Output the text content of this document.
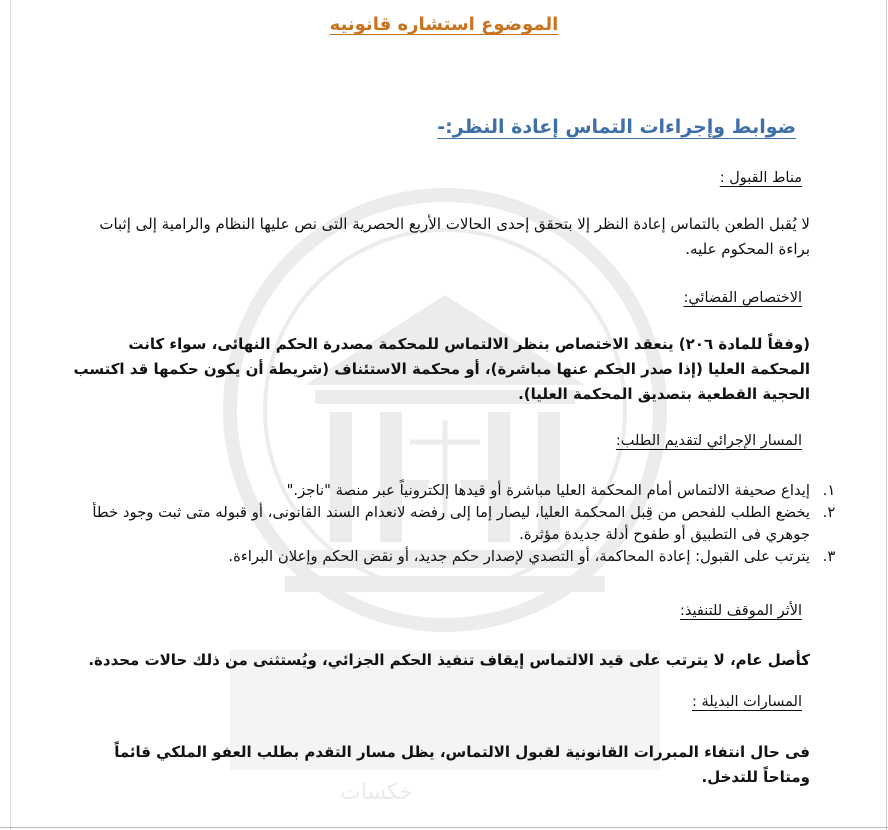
خكسات
الموضوع استشاره قانونيه
ضوابط وإجراءات التماس إعادة النظر:-
مناط القبول :
لا يُقبل الطعن بالتماس إعادة النظر إلا بتحقق إحدى الحالات الأربع الحصرية التى نص عليها النظام والرامية إلى إثبات براءة المحكوم عليه.
الاختصاص القضائي:
(وفقاً للمادة ٢٠٦) ينعقد الاختصاص بنظر الالتماس للمحكمة مصدرة الحكم النهائى، سواء كانت المحكمة العليا (إذا صدر الحكم عنها مباشرة)، أو محكمة الاستئناف (شريطة أن يكون حكمها قد اكتسب الحجية القطعية بتصديق المحكمة العليا).
المسار الإجرائي لتقديم الطلب:
١.
إيداع صحيفة الالتماس أمام المحكمة العليا مباشرة أو قيدها إلكترونياً عبر منصة "ناجز."
٢.
يخضع الطلب للفحص من قِبل المحكمة العليا، ليصار إما إلى رفضه لانعدام السند القانونى، أو قبوله متى ثبت وجود خطأ جوهري فى التطبيق أو طفوح أدلة جديدة مؤثرة.
٣.
يترتب على القبول: إعادة المحاكمة، أو التصدي لإصدار حكم جديد، أو نقض الحكم وإعلان البراءة.
الأثر الموقف للتنفيذ:
كأصل عام، لا يترتب على قيد الالتماس إيقاف تنفيذ الحكم الجزائي، ويُستثنى من ذلك حالات محددة.
المسارات البديلة :
فى حال انتفاء المبررات القانونية لقبول الالتماس، يظل مسار التقدم بطلب العفو الملكي قائماً ومتاحاً للتدخل.
